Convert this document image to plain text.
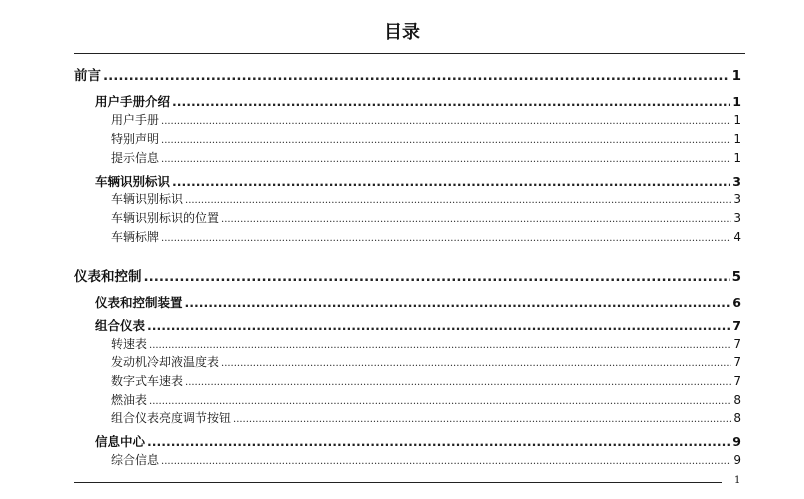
目录
前言 .....	1
用户手册介绍 .....	1
用户手册 .....	1
特别声明 .....	1
提示信息 .....	1
车辆识别标识 .....	3
车辆识别标识 .....	3
车辆识别标识的位置 .....	3
车辆标牌 .....	4
仪表和控制 .....	5
仪表和控制装置 .....	6
组合仪表 .....	7
转速表 .....	7
发动机冷却液温度表 .....	7
数字式车速表 .....	7
燃油表 .....	8
组合仪表亮度调节按钮 .....	8
信息中心 .....	9
综合信息 .....	9
1
